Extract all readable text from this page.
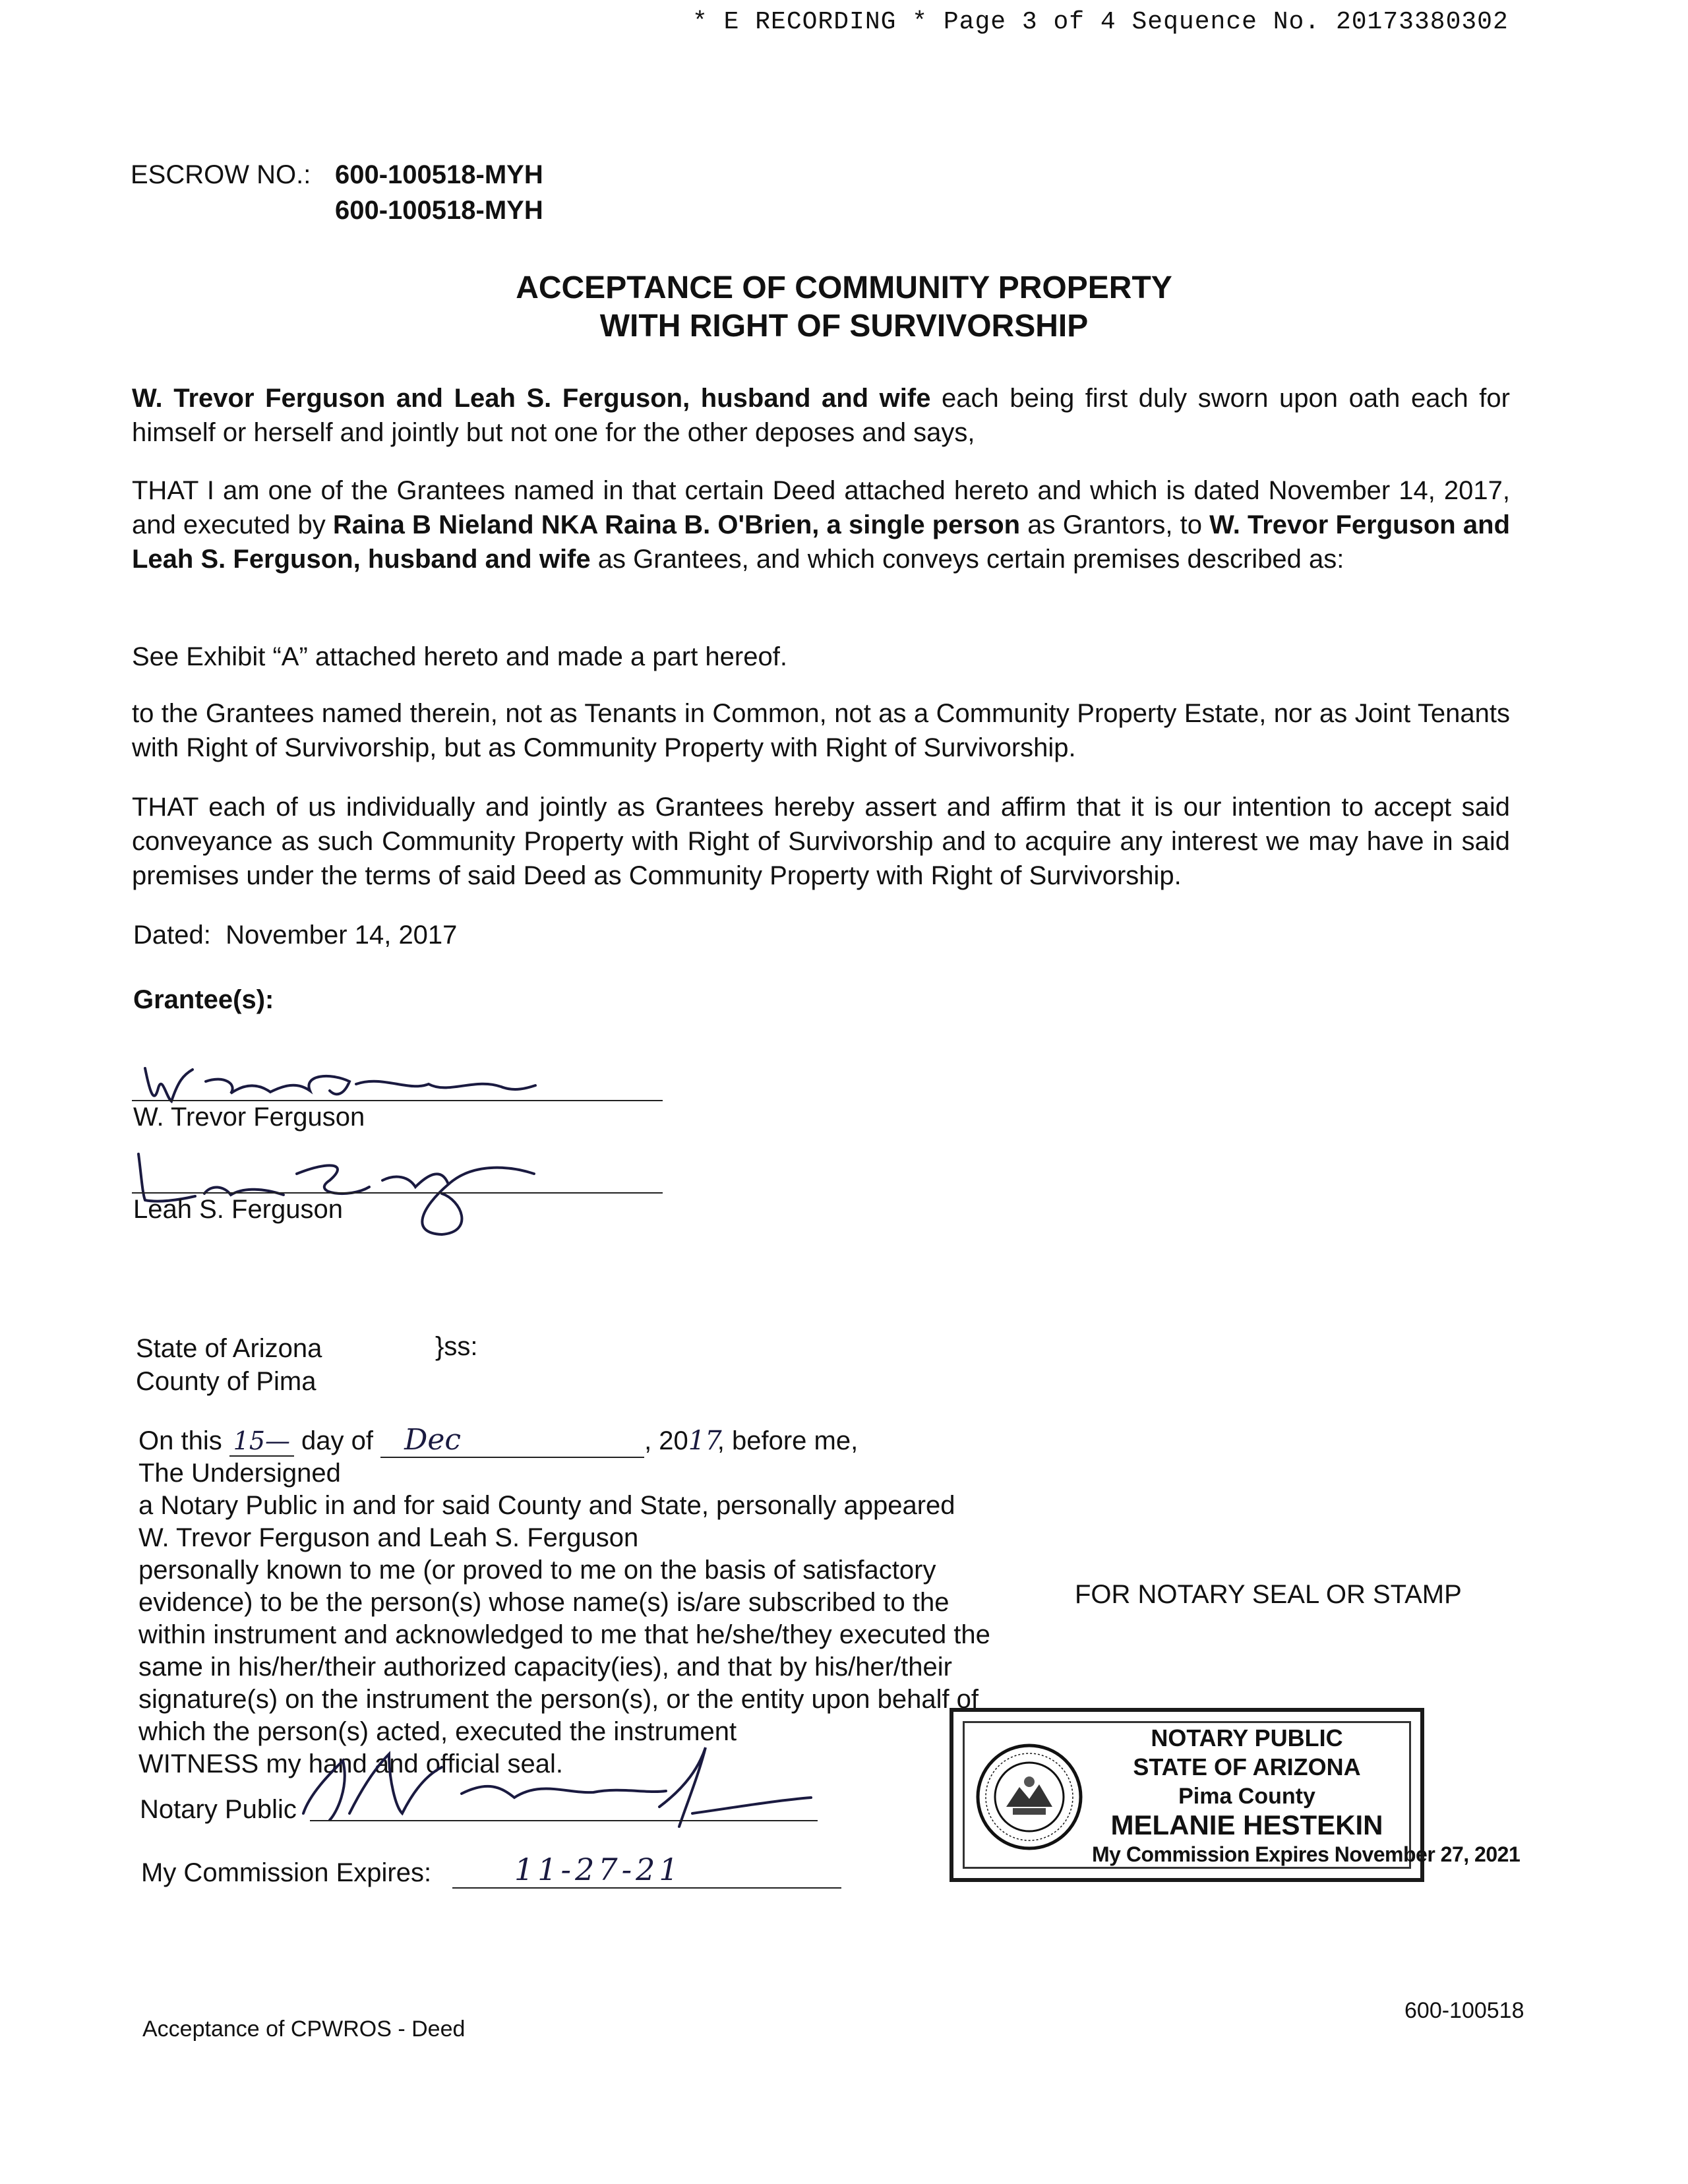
* E RECORDING * Page 3 of 4 Sequence No. 20173380302
ESCROW NO.: 600-100518-MYH
600-100518-MYH
ACCEPTANCE OF COMMUNITY PROPERTY
WITH RIGHT OF SURVIVORSHIP
W. Trevor Ferguson and Leah S. Ferguson, husband and wife each being first duly sworn upon oath each for himself or herself and jointly but not one for the other deposes and says,
THAT I am one of the Grantees named in that certain Deed attached hereto and which is dated November 14, 2017, and executed by Raina B Nieland NKA Raina B. O'Brien, a single person as Grantors, to W. Trevor Ferguson and Leah S. Ferguson, husband and wife as Grantees, and which conveys certain premises described as:
See Exhibit “A” attached hereto and made a part hereof.
to the Grantees named therein, not as Tenants in Common, not as a Community Property Estate, nor as Joint Tenants with Right of Survivorship, but as Community Property with Right of Survivorship.
THAT each of us individually and jointly as Grantees hereby assert and affirm that it is our intention to accept said conveyance as such Community Property with Right of Survivorship and to acquire any interest we may have in said premises under the terms of said Deed as Community Property with Right of Survivorship.
Dated: November 14, 2017
Grantee(s):
W. Trevor Ferguson
Leah S. Ferguson
State of Arizona
County of Pima
}ss:
On this 15— day of Dec	, 2017, before me,
The Undersigned
a Notary Public in and for said County and State, personally appeared
W. Trevor Ferguson and Leah S. Ferguson
personally known to me (or proved to me on the basis of satisfactory
evidence) to be the person(s) whose name(s) is/are subscribed to the
within instrument and acknowledged to me that he/she/they executed the
same in his/her/their authorized capacity(ies), and that by his/her/their
signature(s) on the instrument the person(s), or the entity upon behalf of
which the person(s) acted, executed the instrument
WITNESS my hand and official seal.
FOR NOTARY SEAL OR STAMP
Notary Public
My Commission Expires:	11-27-21
NOTARY PUBLIC
STATE OF ARIZONA
Pima County
MELANIE HESTEKIN
My Commission Expires November 27, 2021
Acceptance of CPWROS - Deed
600-100518
